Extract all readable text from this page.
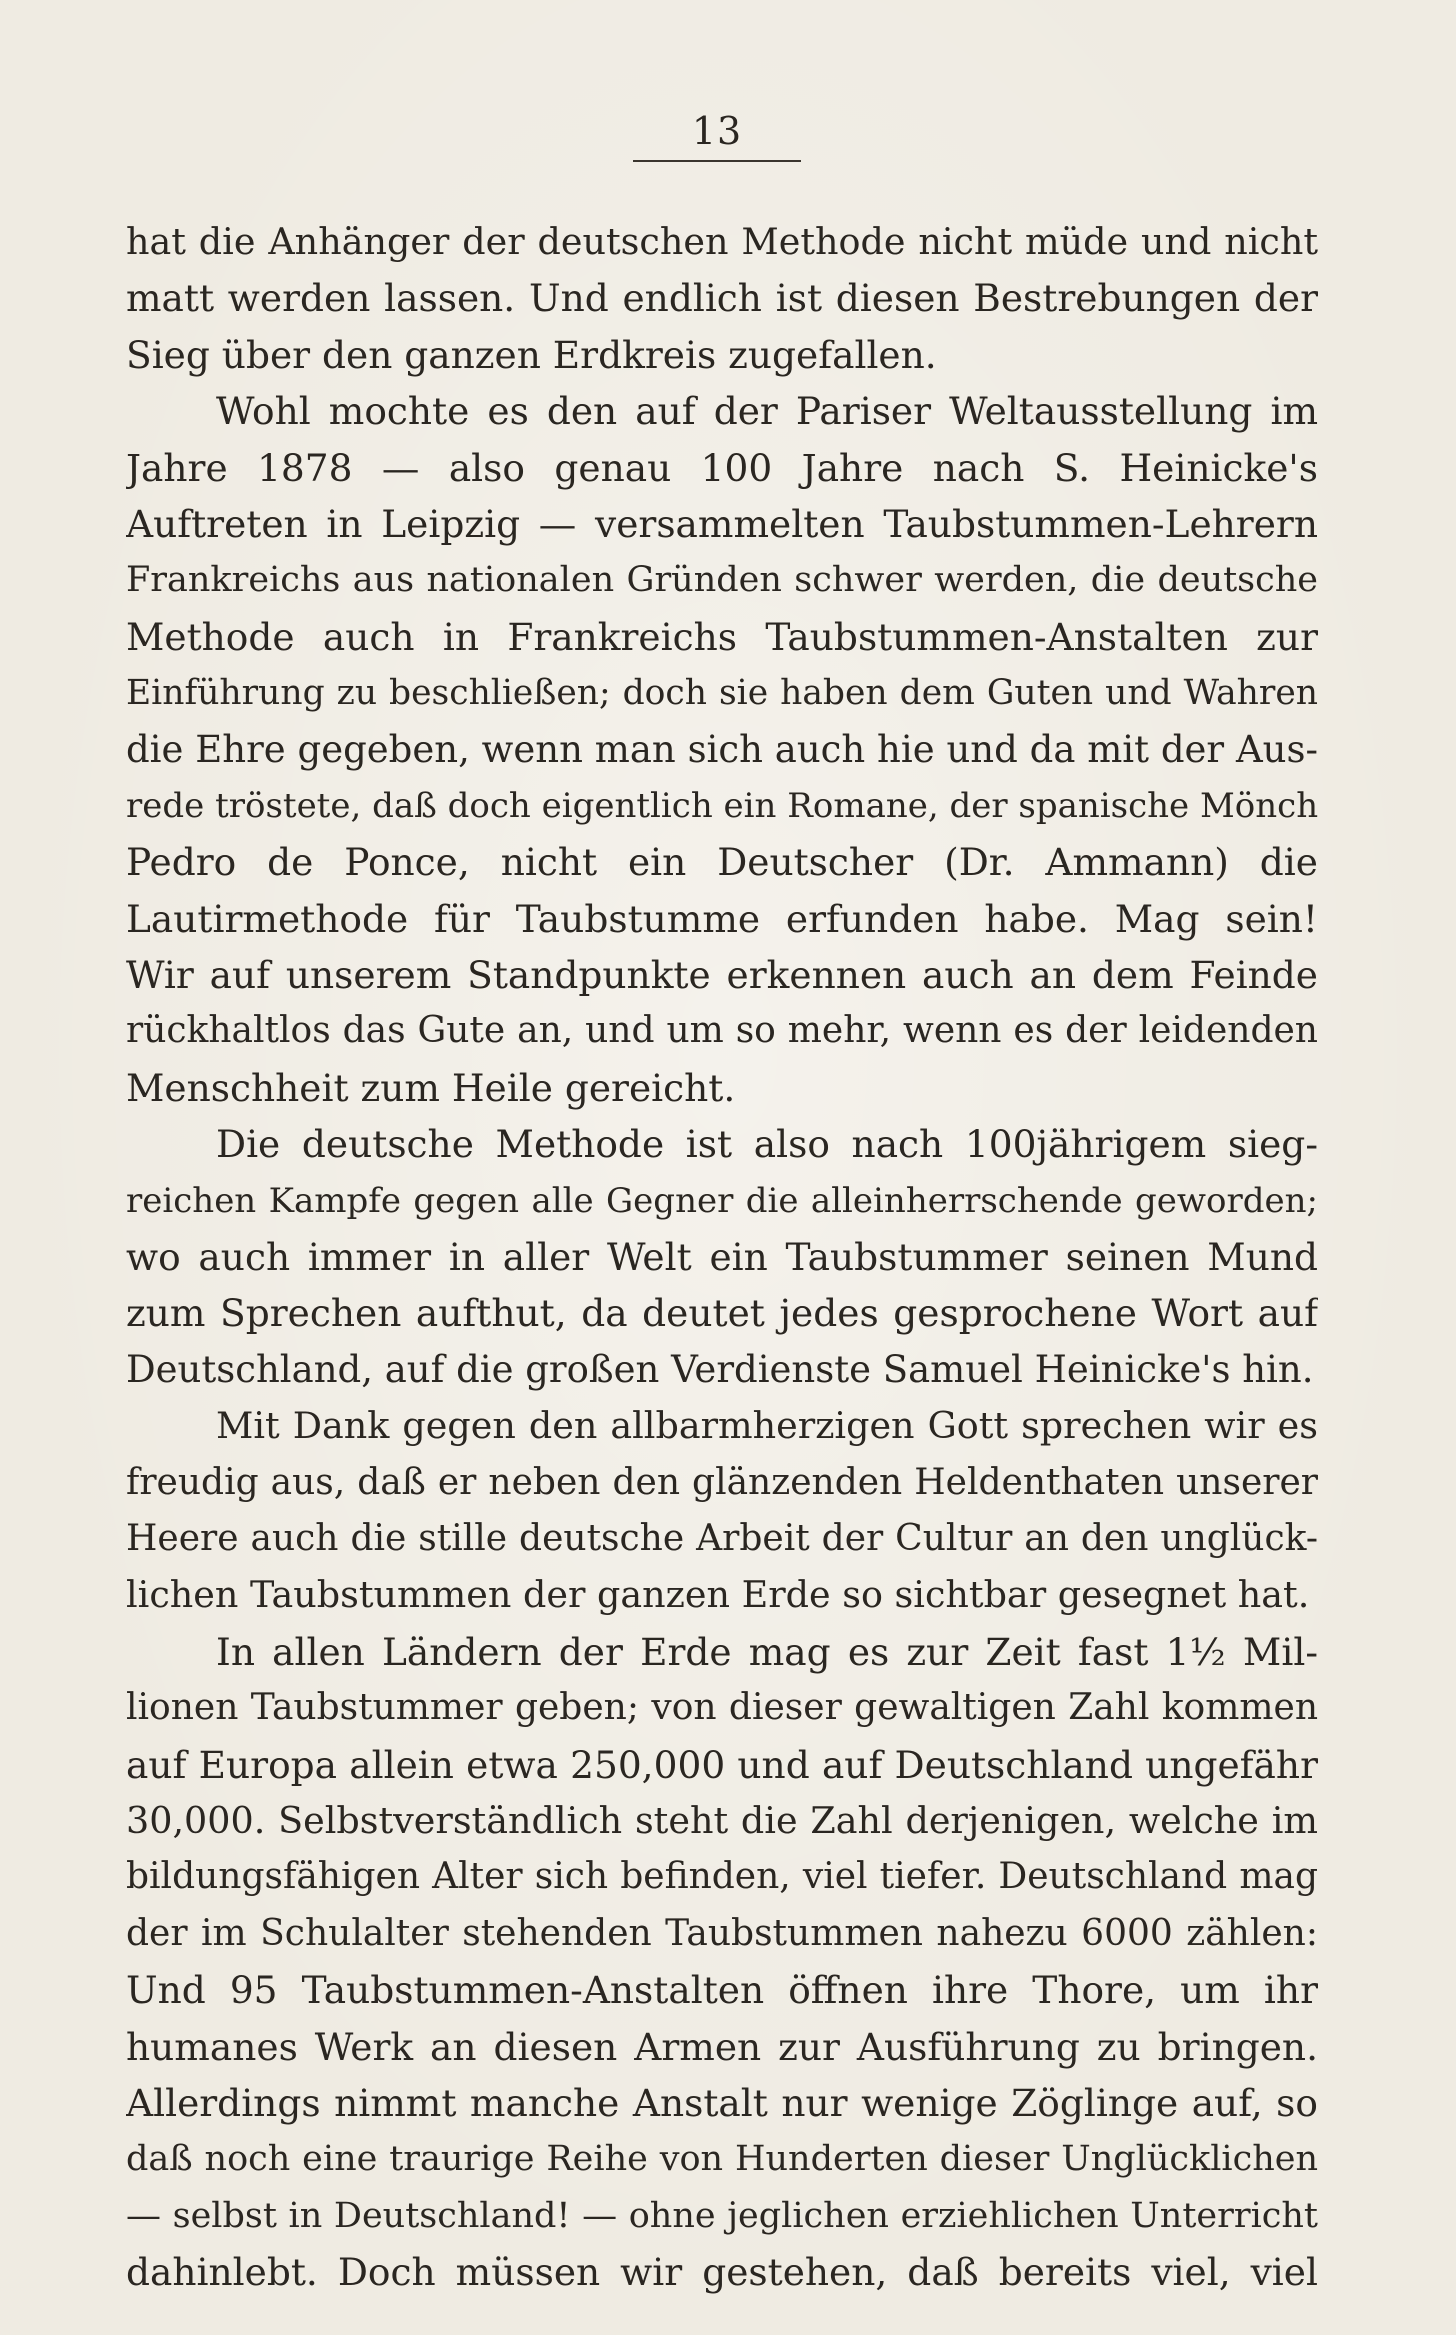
13
hat die Anhänger der deutschen Methode nicht müde und nicht
matt werden lassen. Und endlich ist diesen Bestrebungen der
Sieg über den ganzen Erdkreis zugefallen.
Wohl mochte es den auf der Pariser Weltausstellung im
Jahre 1878 — also genau 100 Jahre nach S. Heinicke's
Auftreten in Leipzig — versammelten Taubstummen-Lehrern
Frankreichs aus nationalen Gründen schwer werden, die deutsche
Methode auch in Frankreichs Taubstummen-Anstalten zur
Einführung zu beschließen; doch sie haben dem Guten und Wahren
die Ehre gegeben, wenn man sich auch hie und da mit der Aus-
rede tröstete, daß doch eigentlich ein Romane, der spanische Mönch
Pedro de Ponce, nicht ein Deutscher (Dr. Ammann) die
Lautirmethode für Taubstumme erfunden habe. Mag sein!
Wir auf unserem Standpunkte erkennen auch an dem Feinde
rückhaltlos das Gute an, und um so mehr, wenn es der leidenden
Menschheit zum Heile gereicht.
Die deutsche Methode ist also nach 100jährigem sieg-
reichen Kampfe gegen alle Gegner die alleinherrschende geworden;
wo auch immer in aller Welt ein Taubstummer seinen Mund
zum Sprechen aufthut, da deutet jedes gesprochene Wort auf
Deutschland, auf die großen Verdienste Samuel Heinicke's hin.
Mit Dank gegen den allbarmherzigen Gott sprechen wir es
freudig aus, daß er neben den glänzenden Heldenthaten unserer
Heere auch die stille deutsche Arbeit der Cultur an den unglück-
lichen Taubstummen der ganzen Erde so sichtbar gesegnet hat.
In allen Ländern der Erde mag es zur Zeit fast 1½ Mil-
lionen Taubstummer geben; von dieser gewaltigen Zahl kommen
auf Europa allein etwa 250,000 und auf Deutschland ungefähr
30,000. Selbstverständlich steht die Zahl derjenigen, welche im
bildungsfähigen Alter sich befinden, viel tiefer. Deutschland mag
der im Schulalter stehenden Taubstummen nahezu 6000 zählen:
Und 95 Taubstummen-Anstalten öffnen ihre Thore, um ihr
humanes Werk an diesen Armen zur Ausführung zu bringen.
Allerdings nimmt manche Anstalt nur wenige Zöglinge auf, so
daß noch eine traurige Reihe von Hunderten dieser Unglücklichen
— selbst in Deutschland! — ohne jeglichen erziehlichen Unterricht
dahinlebt. Doch müssen wir gestehen, daß bereits viel, viel
